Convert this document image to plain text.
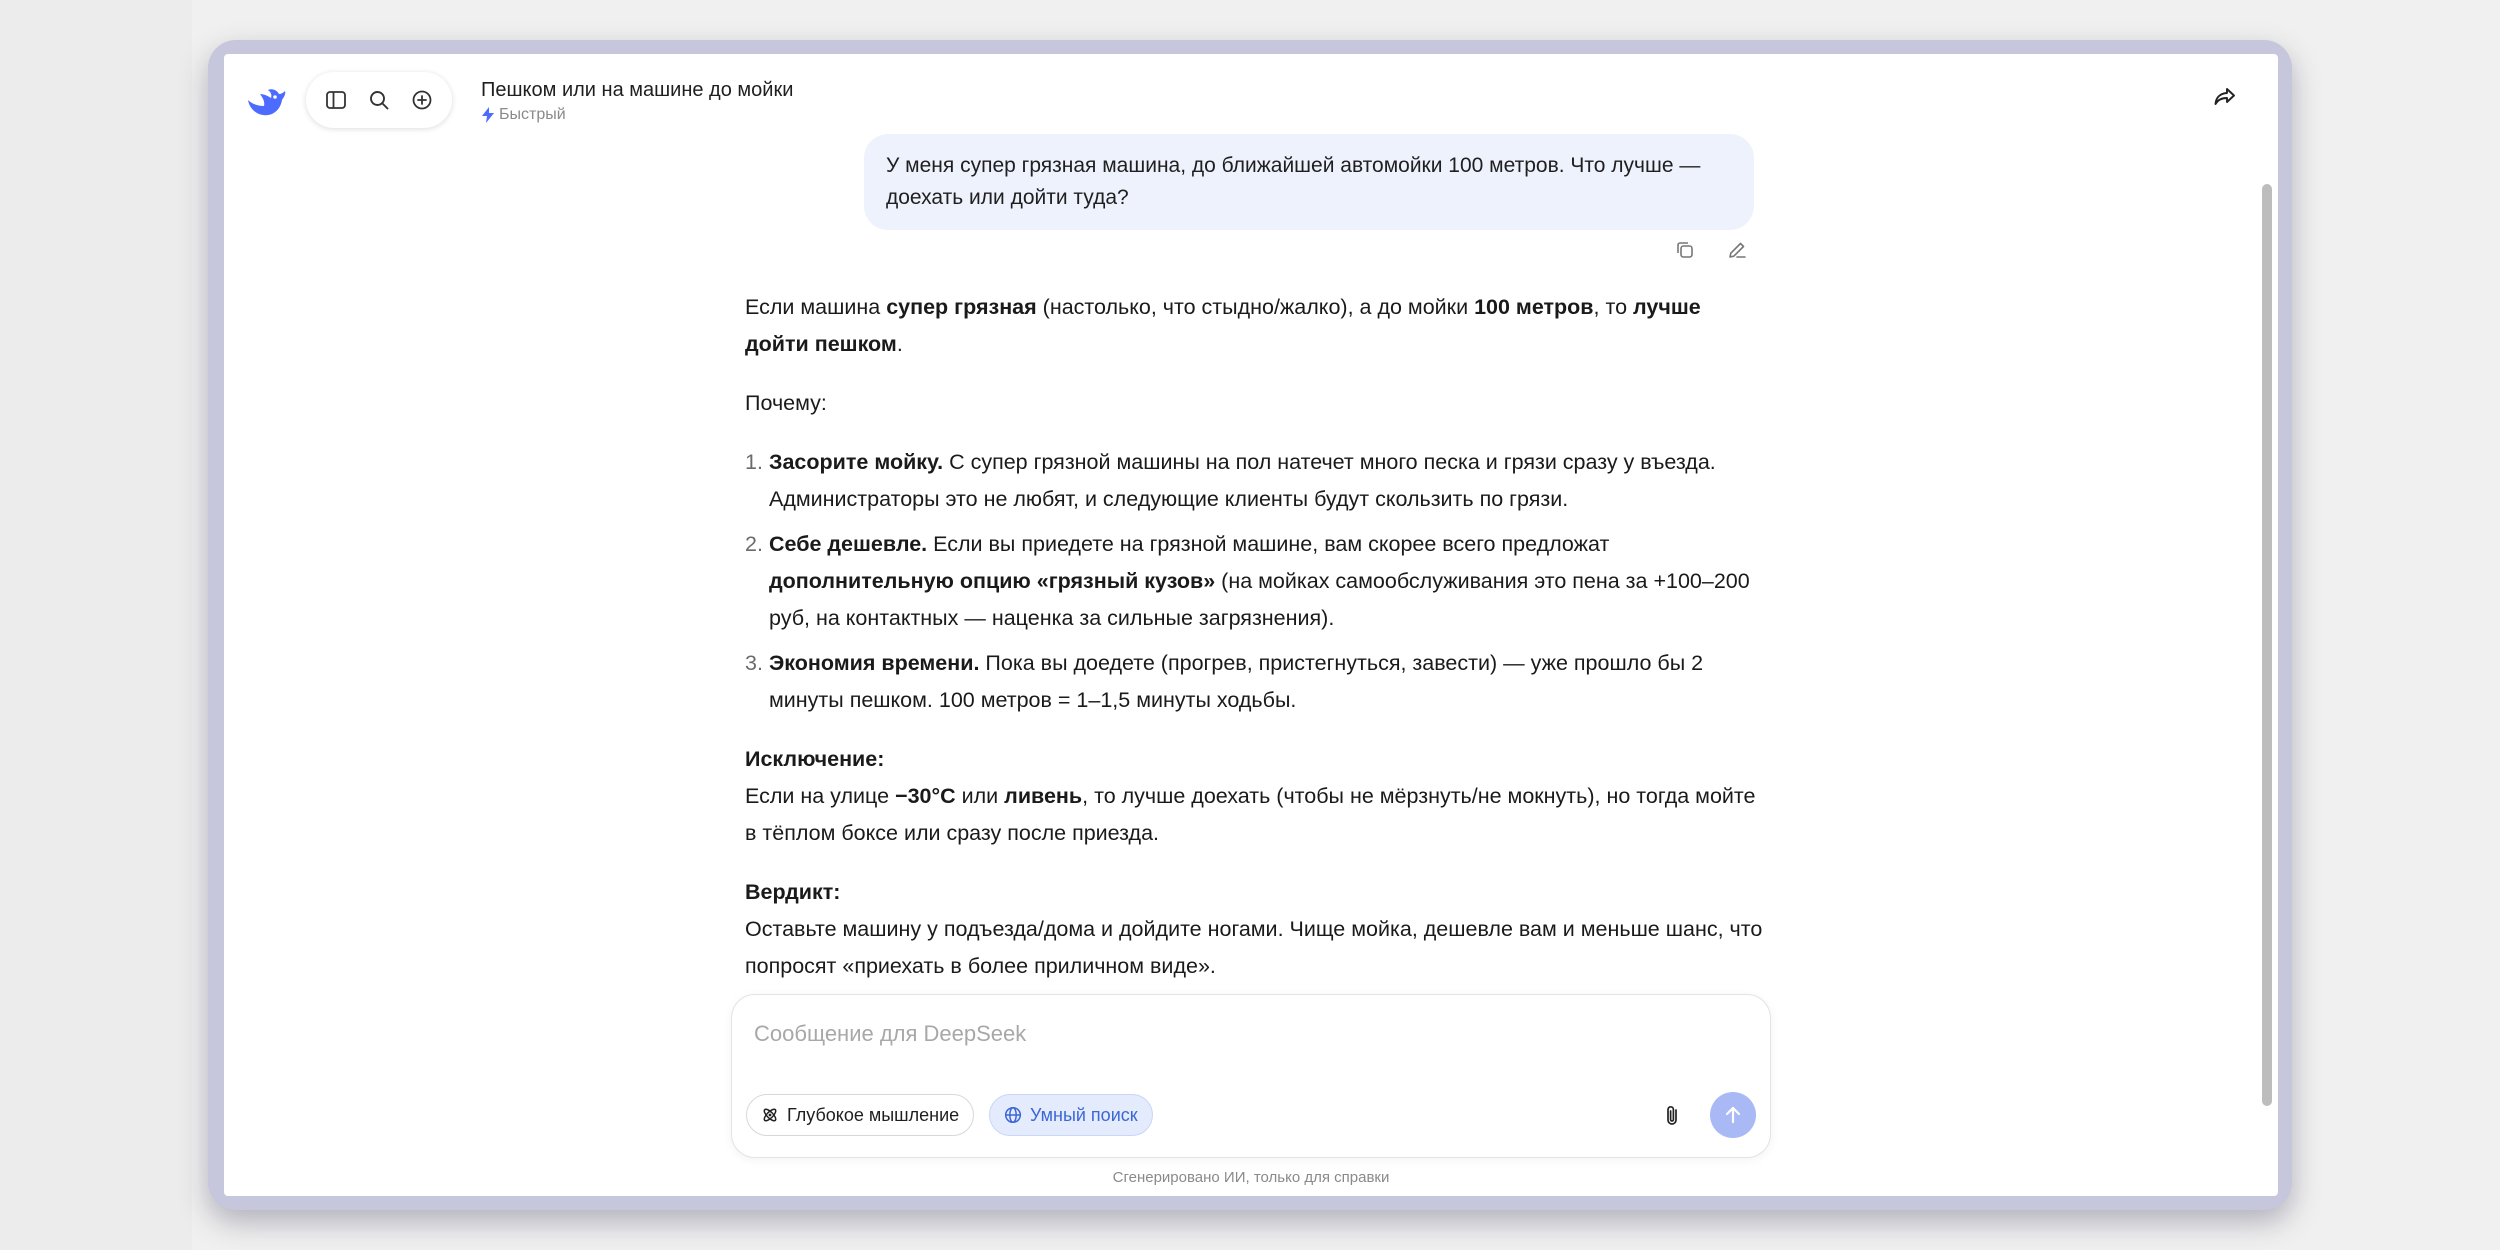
Пешком или на машине до мойки
Быстрый
У меня супер грязная машина, до ближайшей автомойки 100 метров. Что лучше — доехать или дойти туда?

Если машина супер грязная (настолько, что стыдно/жалко), а до мойки 100 метров, то лучше дойти пешком.

Почему:

1. Засорите мойку. С супер грязной машины на пол натечет много песка и грязи сразу у въезда. Администраторы это не любят, и следующие клиенты будут скользить по грязи.
2. Себе дешевле. Если вы приедете на грязной машине, вам скорее всего предложат дополнительную опцию «грязный кузов» (на мойках самообслуживания это пена за +100–200 руб, на контактных — наценка за сильные загрязнения).
3. Экономия времени. Пока вы доедете (прогрев, пристегнуться, завести) — уже прошло бы 2 минуты пешком. 100 метров = 1–1,5 минуты ходьбы.

Исключение:

Если на улице −30°C или ливень, то лучше доехать (чтобы не мёрзнуть/не мокнуть), но тогда мойте в тёплом боксе или сразу после приезда.

Вердикт:

Оставьте машину у подъезда/дома и дойдите ногами. Чище мойка, дешевле вам и меньше шанс, что попросят «приехать в более приличном виде».

Сообщение для DeepSeek
Глубокое мышление	Умный поиск
Сгенерировано ИИ, только для справки
